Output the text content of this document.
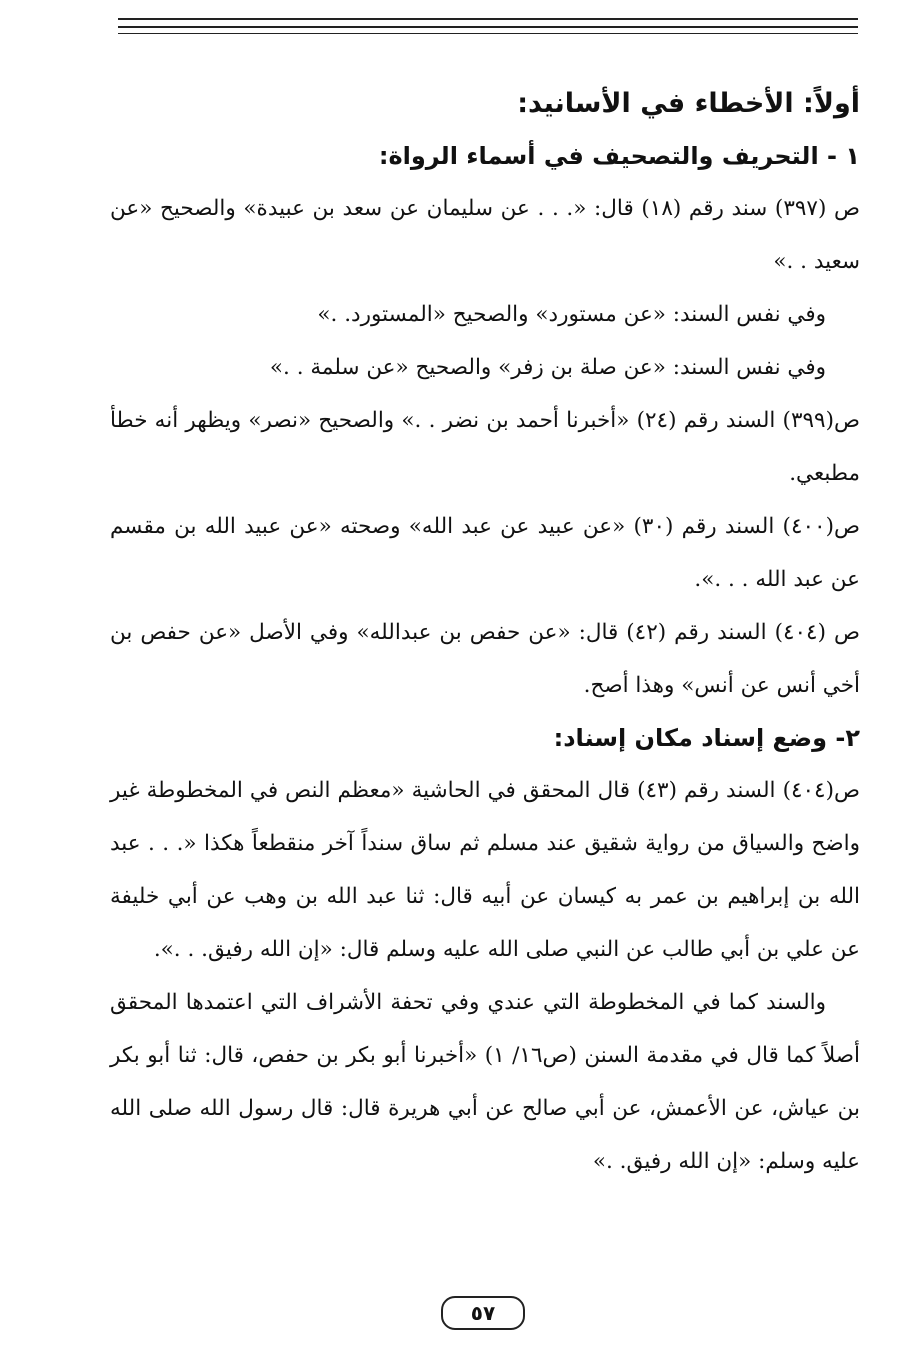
أولاً: الأخطاء في الأسانيد:
١ - التحريف والتصحيف في أسماء الرواة:

ص (٣٩٧) سند رقم (١٨) قال: «. . . عن سليمان عن سعد بن عبيدة» والصحيح «عن سعيد . .»

وفي نفس السند: «عن مستورد» والصحيح «المستورد. .»

وفي نفس السند: «عن صلة بن زفر» والصحيح «عن سلمة . .»

ص(٣٩٩) السند رقم (٢٤) «أخبرنا أحمد بن نضر . .» والصحيح «نصر» ويظهر أنه خطأ مطبعي.

ص(٤٠٠) السند رقم (٣٠) «عن عبيد عن عبد الله» وصحته «عن عبيد الله بن مقسم عن عبد الله . . .».

ص (٤٠٤) السند رقم (٤٢) قال: «عن حفص بن عبدالله» وفي الأصل «عن حفص بن أخي أنس عن أنس» وهذا أصح.

٢- وضع إسناد مكان إسناد:

ص(٤٠٤) السند رقم (٤٣) قال المحقق في الحاشية «معظم النص في المخطوطة غير واضح والسياق من رواية شقيق عند مسلم ثم ساق سنداً آخر منقطعاً هكذا «. . . عبد الله بن إبراهيم بن عمر به كيسان عن أبيه قال: ثنا عبد الله بن وهب عن أبي خليفة عن علي بن أبي طالب عن النبي صلى الله عليه وسلم قال: «إن الله رفيق. . .».

والسند كما في المخطوطة التي عندي وفي تحفة الأشراف التي اعتمدها المحقق أصلاً كما قال في مقدمة السنن (ص١٦/ ١) «أخبرنا أبو بكر بن حفص، قال: ثنا أبو بكر بن عياش، عن الأعمش، عن أبي صالح عن أبي هريرة قال: قال رسول الله صلى الله عليه وسلم: «إن الله رفيق. .»

٥٧
